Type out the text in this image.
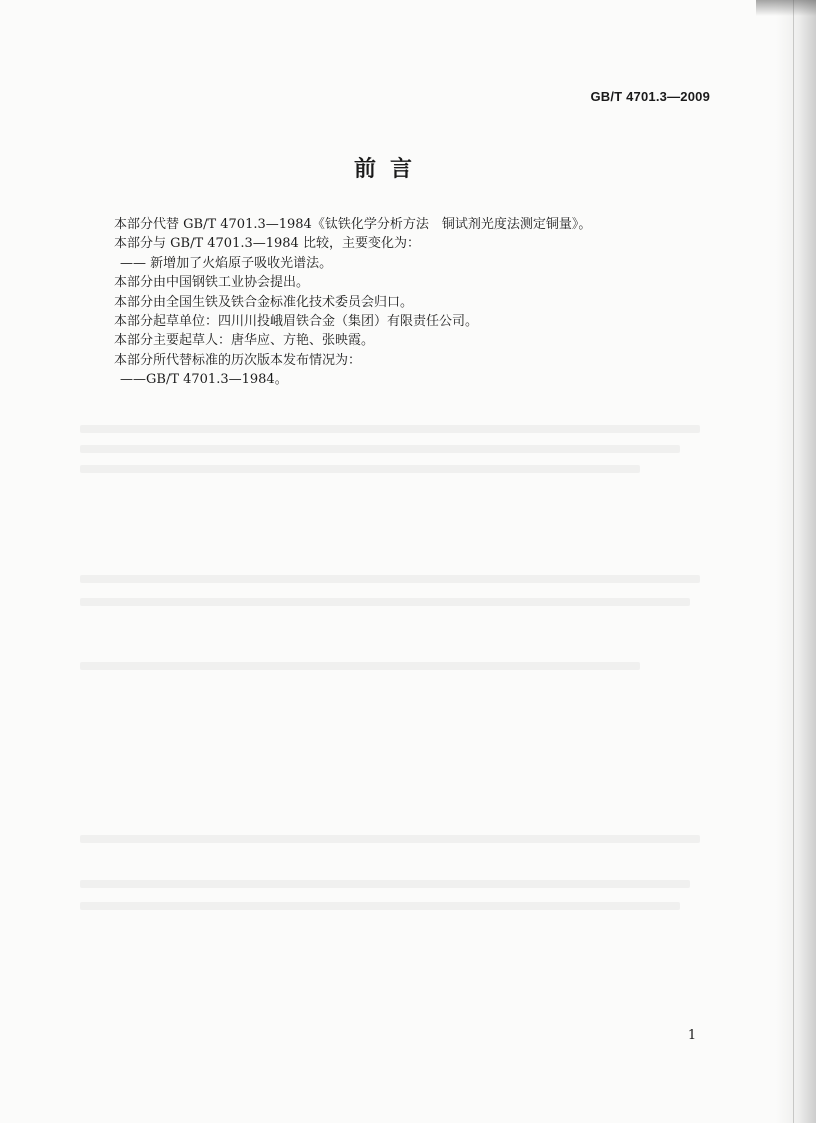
GB/T 4701.3—2009
前言
本部分代替 GB/T 4701.3—1984《钛铁化学分析方法　铜试剂光度法测定铜量》。
本部分与 GB/T 4701.3—1984 比较，主要变化为：
—— 新增加了火焰原子吸收光谱法。
本部分由中国钢铁工业协会提出。
本部分由全国生铁及铁合金标准化技术委员会归口。
本部分起草单位：四川川投峨眉铁合金（集团）有限责任公司。
本部分主要起草人：唐华应、方艳、张映霞。
本部分所代替标准的历次版本发布情况为：
——GB/T 4701.3—1984。
1
